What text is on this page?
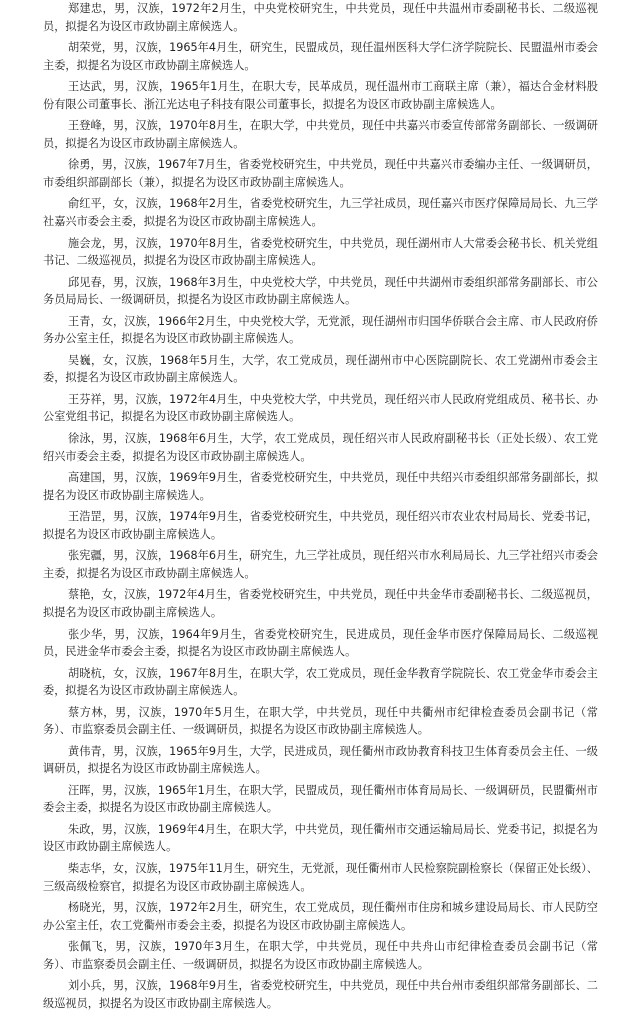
郑建忠，男，汉族，1972年2月生，中央党校研究生，中共党员，现任中共温州市委副秘书长、二级巡视员，拟提名为设区市政协副主席候选人。

胡荣党，男，汉族，1965年4月生，研究生，民盟成员，现任温州医科大学仁济学院院长、民盟温州市委会主委，拟提名为设区市政协副主席候选人。

王达武，男，汉族，1965年1月生，在职大专，民革成员，现任温州市工商联主席（兼），福达合金材料股份有限公司董事长、浙江光达电子科技有限公司董事长，拟提名为设区市政协副主席候选人。

王登峰，男，汉族，1970年8月生，在职大学，中共党员，现任中共嘉兴市委宣传部常务副部长、一级调研员，拟提名为设区市政协副主席候选人。

徐勇，男，汉族，1967年7月生，省委党校研究生，中共党员，现任中共嘉兴市委编办主任、一级调研员，市委组织部副部长（兼），拟提名为设区市政协副主席候选人。

俞红平，女，汉族，1968年2月生，省委党校研究生，九三学社成员，现任嘉兴市医疗保障局局长、九三学社嘉兴市委会主委，拟提名为设区市政协副主席候选人。

施会龙，男，汉族，1970年8月生，省委党校研究生，中共党员，现任湖州市人大常委会秘书长、机关党组书记、二级巡视员，拟提名为设区市政协副主席候选人。

邱见春，男，汉族，1968年3月生，中央党校大学，中共党员，现任中共湖州市委组织部常务副部长、市公务员局局长、一级调研员，拟提名为设区市政协副主席候选人。

王青，女，汉族，1966年2月生，中央党校大学，无党派，现任湖州市归国华侨联合会主席、市人民政府侨务办公室主任，拟提名为设区市政协副主席候选人。

吴巍，女，汉族，1968年5月生，大学，农工党成员，现任湖州市中心医院副院长、农工党湖州市委会主委，拟提名为设区市政协副主席候选人。

王芬祥，男，汉族，1972年4月生，中央党校大学，中共党员，现任绍兴市人民政府党组成员、秘书长、办公室党组书记，拟提名为设区市政协副主席候选人。

徐泳，男，汉族，1968年6月生，大学，农工党成员，现任绍兴市人民政府副秘书长（正处长级）、农工党绍兴市委会主委，拟提名为设区市政协副主席候选人。

高建国，男，汉族，1969年9月生，省委党校研究生，中共党员，现任中共绍兴市委组织部常务副部长，拟提名为设区市政协副主席候选人。

王浩罡，男，汉族，1974年9月生，省委党校研究生，中共党员，现任绍兴市农业农村局局长、党委书记，拟提名为设区市政协副主席候选人。

张宪疆，男，汉族，1968年6月生，研究生，九三学社成员，现任绍兴市水利局局长、九三学社绍兴市委会主委，拟提名为设区市政协副主席候选人。

蔡艳，女，汉族，1972年4月生，省委党校研究生，中共党员，现任中共金华市委副秘书长、二级巡视员，拟提名为设区市政协副主席候选人。

张少华，男，汉族，1964年9月生，省委党校研究生，民进成员，现任金华市医疗保障局局长、二级巡视员，民进金华市委会主委，拟提名为设区市政协副主席候选人。

胡晓杭，女，汉族，1967年8月生，在职大学，农工党成员，现任金华教育学院院长、农工党金华市委会主委，拟提名为设区市政协副主席候选人。

蔡方林，男，汉族，1970年5月生，在职大学，中共党员，现任中共衢州市纪律检查委员会副书记（常务）、市监察委员会副主任、一级调研员，拟提名为设区市政协副主席候选人。

黄伟青，男，汉族，1965年9月生，大学，民进成员，现任衢州市政协教育科技卫生体育委员会主任、一级调研员，拟提名为设区市政协副主席候选人。

汪晖，男，汉族，1965年1月生，在职大学，民盟成员，现任衢州市体育局局长、一级调研员，民盟衢州市委会主委，拟提名为设区市政协副主席候选人。

朱政，男，汉族，1969年4月生，在职大学，中共党员，现任衢州市交通运输局局长、党委书记，拟提名为设区市政协副主席候选人。

柴志华，女，汉族，1975年11月生，研究生，无党派，现任衢州市人民检察院副检察长（保留正处长级）、三级高级检察官，拟提名为设区市政协副主席候选人。

杨晓光，男，汉族，1972年2月生，研究生，农工党成员，现任衢州市住房和城乡建设局局长、市人民防空办公室主任，农工党衢州市委会主委，拟提名为设区市政协副主席候选人。

张佩飞，男，汉族，1970年3月生，在职大学，中共党员，现任中共舟山市纪律检查委员会副书记（常务）、市监察委员会副主任、一级调研员，拟提名为设区市政协副主席候选人。

刘小兵，男，汉族，1968年9月生，省委党校研究生，中共党员，现任中共台州市委组织部常务副部长、二级巡视员，拟提名为设区市政协副主席候选人。
